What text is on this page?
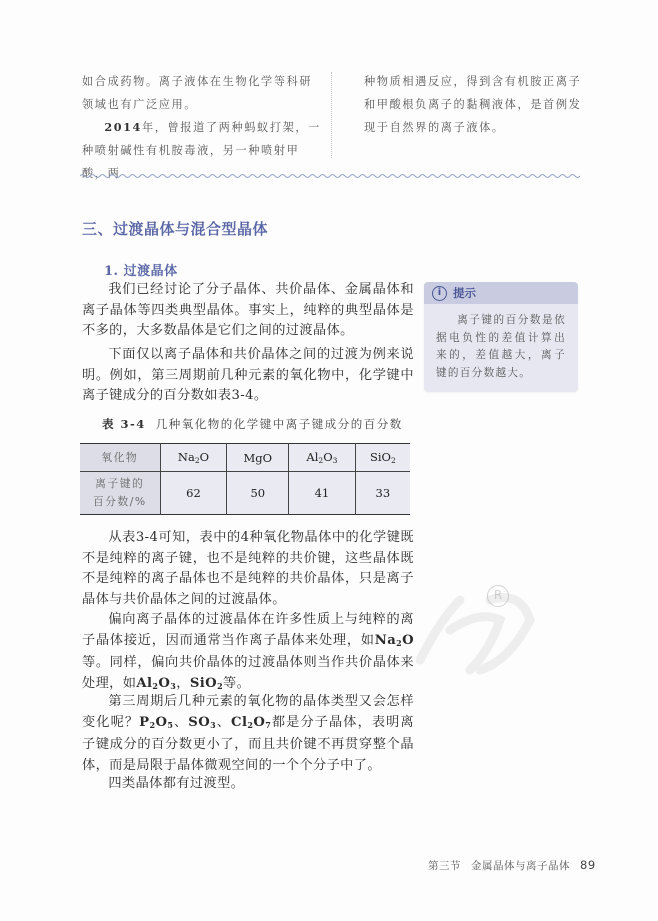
如合成药物。离子液体在生物化学等科研领域也有广泛应用。

2014年，曾报道了两种蚂蚁打架，一种喷射碱性有机胺毒液，另一种喷射甲酸，两

种物质相遇反应，得到含有机胺正离子和甲酸根负离子的黏稠液体，是首例发现于自然界的离子液体。

三、过渡晶体与混合型晶体
1. 过渡晶体

我们已经讨论了分子晶体、共价晶体、金属晶体和离子晶体等四类典型晶体。事实上，纯粹的典型晶体是不多的，大多数晶体是它们之间的过渡晶体。

下面仅以离子晶体和共价晶体之间的过渡为例来说明。例如，第三周期前几种元素的氧化物中，化学键中离子键成分的百分数如表3-4。

i	提示
离子键的百分数是依据电负性的差值计算出来的，差值越大，离子键的百分数越大。
表 3-4 几种氧化物的化学键中离子键成分的百分数
氧化物	$Na_2O$	MgO	$Al_2O_3$	SiO$_2$
离子键的
百分数/%	62	50	41	33

从表3-4可知，表中的4种氧化物晶体中的化学键既不是纯粹的离子键，也不是纯粹的共价键，这些晶体既不是纯粹的离子晶体也不是纯粹的共价晶体，只是离子晶体与共价晶体之间的过渡晶体。

偏向离子晶体的过渡晶体在许多性质上与纯粹的离子晶体接近，因而通常当作离子晶体来处理，如$Na_2O$等。同样，偏向共价晶体的过渡晶体则当作共价晶体来处理，如$Al_2O_3$，SiO$_2$等。

第三周期后几种元素的氧化物的晶体类型又会怎样变化呢？$P_2O_5$、$SO_3$、$Cl_2O_7$都是分子晶体，表明离子键成分的百分数更小了，而且共价键不再贯穿整个晶体，而是局限于晶体微观空间的一个个分子中了。

四类晶体都有过渡型。

R
第三节 金属晶体与离子晶体 89
